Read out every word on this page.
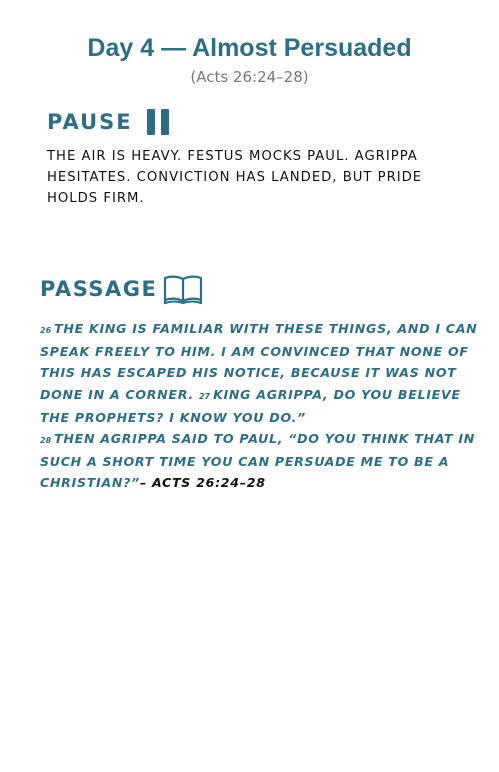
Day 4 — Almost Persuaded
(Acts 26:24–28)
PAUSE
THE AIR IS HEAVY. FESTUS MOCKS PAUL. AGRIPPA HESITATES. CONVICTION HAS LANDED, BUT PRIDE HOLDS FIRM.
PASSAGE
26 THE KING IS FAMILIAR WITH THESE THINGS, AND I CAN SPEAK FREELY TO HIM. I AM CONVINCED THAT NONE OF THIS HAS ESCAPED HIS NOTICE, BECAUSE IT WAS NOT DONE IN A CORNER. 27 KING AGRIPPA, DO YOU BELIEVE THE PROPHETS? I KNOW YOU DO.”
28 THEN AGRIPPA SAID TO PAUL, “DO YOU THINK THAT IN SUCH A SHORT TIME YOU CAN PERSUADE ME TO BE A CHRISTIAN?”– ACTS 26:24–28
